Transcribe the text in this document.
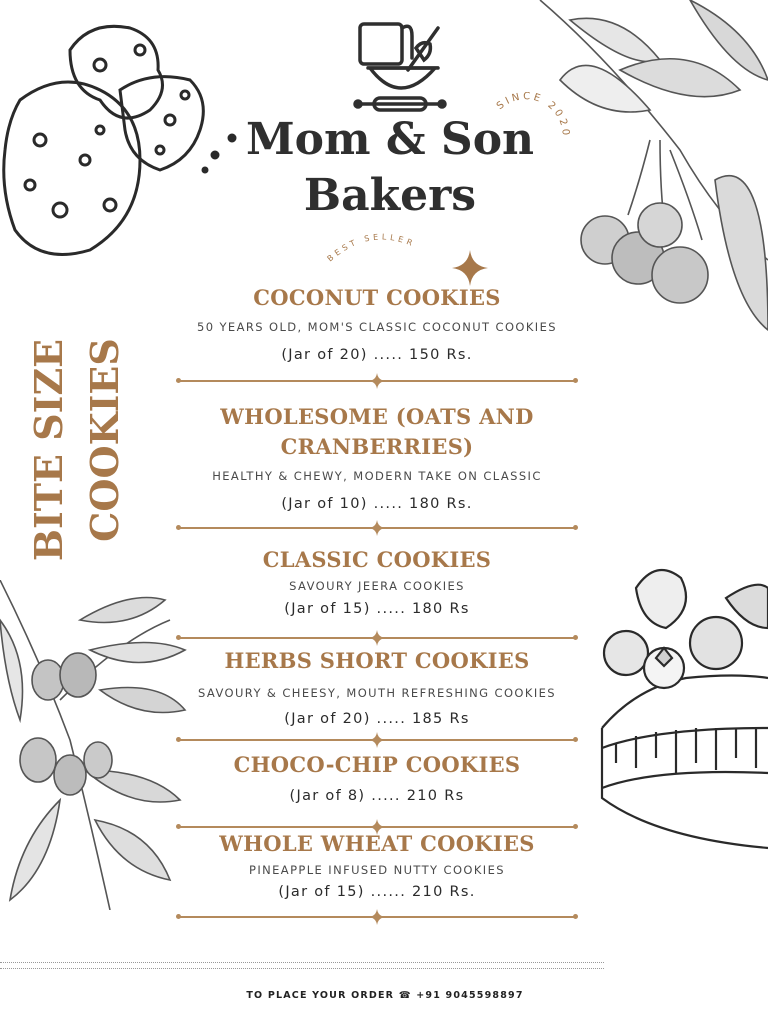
SINCE 2020
Mom & Son
Bakers
BEST SELLER
BITE SIZE COOKIES
COCONUT COOKIES
50 YEARS OLD, MOM'S CLASSIC COCONUT COOKIES
(Jar of 20) ..... 150 Rs.
WHOLESOME (OATS AND
CRANBERRIES)
HEALTHY & CHEWY, MODERN TAKE ON CLASSIC
(Jar of 10) ..... 180 Rs.
CLASSIC COOKIES
SAVOURY JEERA COOKIES
(Jar of 15) ..... 180 Rs
HERBS SHORT COOKIES
SAVOURY & CHEESY, MOUTH REFRESHING COOKIES
(Jar of 20) ..... 185 Rs
CHOCO-CHIP COOKIES
(Jar of 8) ..... 210 Rs
WHOLE WHEAT COOKIES
PINEAPPLE INFUSED NUTTY COOKIES
(Jar of 15) ...... 210 Rs.
TO PLACE YOUR ORDER ☎ +91 9045598897
